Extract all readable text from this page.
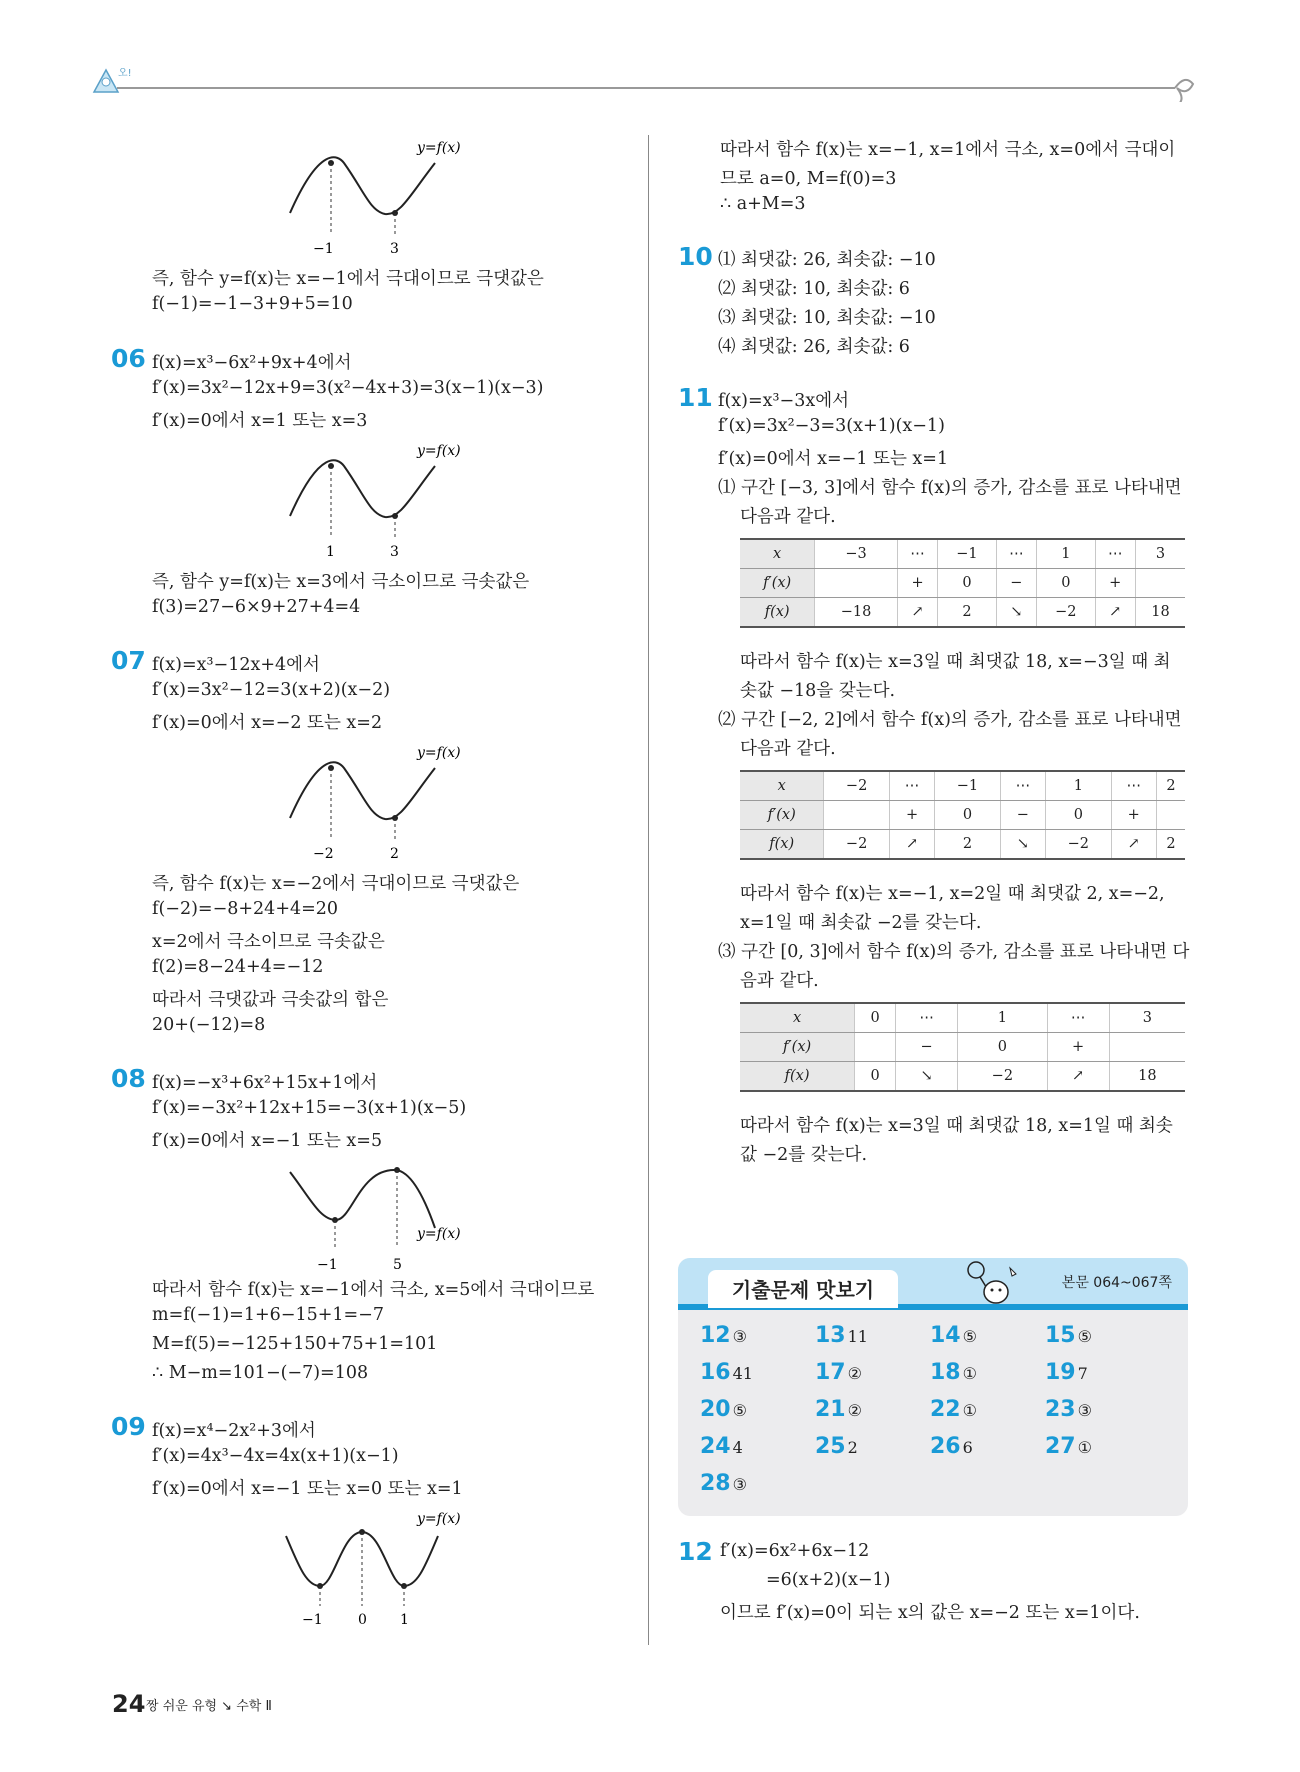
오!
−1	3
y=f(x)
즉, 함수 y=f(x)는 x=−1에서 극대이므로 극댓값은
f(−1)=−1−3+9+5=10
06 f(x)=x³−6x²+9x+4에서
f′(x)=3x²−12x+9=3(x²−4x+3)=3(x−1)(x−3)
f′(x)=0에서 x=1 또는 x=3
1	3
y=f(x)
즉, 함수 y=f(x)는 x=3에서 극소이므로 극솟값은
f(3)=27−6×9+27+4=4
07 f(x)=x³−12x+4에서
f′(x)=3x²−12=3(x+2)(x−2)
f′(x)=0에서 x=−2 또는 x=2
−2	2
y=f(x)
즉, 함수 f(x)는 x=−2에서 극대이므로 극댓값은
f(−2)=−8+24+4=20
x=2에서 극소이므로 극솟값은
f(2)=8−24+4=−12
따라서 극댓값과 극솟값의 합은
20+(−12)=8
08 f(x)=−x³+6x²+15x+1에서
f′(x)=−3x²+12x+15=−3(x+1)(x−5)
f′(x)=0에서 x=−1 또는 x=5
−1	5
y=f(x)
따라서 함수 f(x)는 x=−1에서 극소, x=5에서 극대이므로
m=f(−1)=1+6−15+1=−7
M=f(5)=−125+150+75+1=101
∴ M−m=101−(−7)=108
09 f(x)=x⁴−2x²+3에서
f′(x)=4x³−4x=4x(x+1)(x−1)
f′(x)=0에서 x=−1 또는 x=0 또는 x=1
−1	0 1
y=f(x)
따라서 함수 f(x)는 x=−1, x=1에서 극소, x=0에서 극대이
므로 a=0, M=f(0)=3
∴ a+M=3
10 ⑴ 최댓값: 26, 최솟값: −10
⑵ 최댓값: 10, 최솟값: 6
⑶ 최댓값: 10, 최솟값: −10
⑷ 최댓값: 26, 최솟값: 6
11 f(x)=x³−3x에서
f′(x)=3x²−3=3(x+1)(x−1)
f′(x)=0에서 x=−1 또는 x=1
⑴ 구간 [−3, 3]에서 함수 f(x)의 증가, 감소를 표로 나타내면
다음과 같다.
x	−3	⋯	−1	⋯	1	⋯	3
f′(x)		+	0	−	0	+	
f(x)	−18	↗	2	↘	−2	↗	18
따라서 함수 f(x)는 x=3일 때 최댓값 18, x=−3일 때 최
솟값 −18을 갖는다.
⑵ 구간 [−2, 2]에서 함수 f(x)의 증가, 감소를 표로 나타내면
다음과 같다.
x	−2	⋯	−1	⋯	1	⋯	2
f′(x)		+	0	−	0	+	
f(x)	−2	↗	2	↘	−2	↗	2
따라서 함수 f(x)는 x=−1, x=2일 때 최댓값 2, x=−2,
x=1일 때 최솟값 −2를 갖는다.
⑶ 구간 [0, 3]에서 함수 f(x)의 증가, 감소를 표로 나타내면 다
음과 같다.
x	0	⋯	1	⋯	3
f′(x)		−	0	+	
f(x)	0	↘	−2	↗	18
따라서 함수 f(x)는 x=3일 때 최댓값 18, x=1일 때 최솟
값 −2를 갖는다.
기출문제 맛보기	본문 064~067쪽
12 ③	13 11	14 ⑤	15 ⑤
16 41	17 ②	18 ①	19 7
20 ⑤	21 ②	22 ①	23 ③
24 4	25 2	26 6	27 ①
28 ③
12 f′(x)=6x²+6x−12
=6(x+2)(x−1)
이므로 f′(x)=0이 되는 x의 값은 x=−2 또는 x=1이다.
24 짱 쉬운 유형 ↘ 수학 Ⅱ
